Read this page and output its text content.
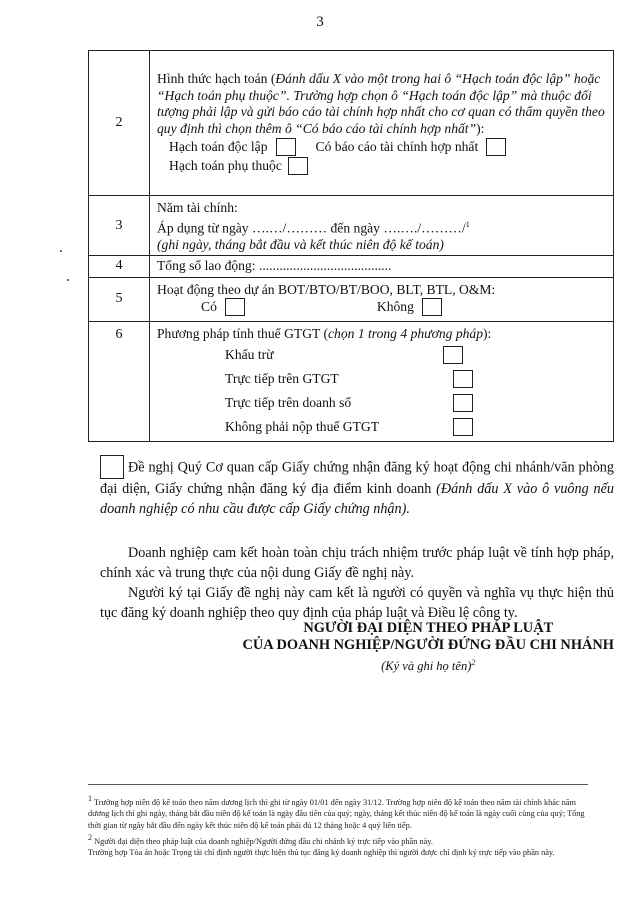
3
2	Hình thức hạch toán (Đánh dấu X vào một trong hai ô “Hạch toán độc lập” hoặc “Hạch toán phụ thuộc”. Trường hợp chọn ô “Hạch toán độc lập” mà thuộc đối tượng phải lập và gửi báo cáo tài chính hợp nhất cho cơ quan có thẩm quyền theo quy định thì chọn thêm ô “Có báo cáo tài chính hợp nhất”):
Hạch toán độc lập Có báo cáo tài chính hợp nhất
Hạch toán phụ thuộc

3	Năm tài chính:
Áp dụng từ ngày ….…/……… đến ngày ….…./………/$^1$
(ghi ngày, tháng bắt đầu và kết thúc niên độ kế toán)

4	Tổng số lao động: .......................................
5	Hoạt động theo dự án BOT/BTO/BT/BOO, BLT, BTL, O&M:
Có Không

6	Phương pháp tính thuế GTGT (chọn 1 trong 4 phương pháp):
Khấu trừ
Trực tiếp trên GTGT
Trực tiếp trên doanh số
Không phải nộp thuế GTGT
Đề nghị Quý Cơ quan cấp Giấy chứng nhận đăng ký hoạt động chi nhánh/văn phòng đại diện, Giấy chứng nhận đăng ký địa điểm kinh doanh (Đánh dấu X vào ô vuông nếu doanh nghiệp có nhu cầu được cấp Giấy chứng nhận).
Doanh nghiệp cam kết hoàn toàn chịu trách nhiệm trước pháp luật về tính hợp pháp, chính xác và trung thực của nội dung Giấy đề nghị này.
Người ký tại Giấy đề nghị này cam kết là người có quyền và nghĩa vụ thực hiện thủ tục đăng ký doanh nghiệp theo quy định của pháp luật và Điều lệ công ty.
NGƯỜI ĐẠI DIỆN THEO PHÁP LUẬT
CỦA DOANH NGHIỆP/NGƯỜI ĐỨNG ĐẦU CHI NHÁNH
(Ký và ghi họ tên)$^2$
$^1$ Trường hợp niên độ kế toán theo năm dương lịch thì ghi từ ngày 01/01 đến ngày 31/12. Trường hợp niên độ kế toán theo năm tài chính khác năm dương lịch thì ghi ngày, tháng bắt đầu niên độ kế toán là ngày đầu tiên của quý; ngày, tháng kết thúc niên độ kế toán là ngày cuối cùng của quý; Tổng thời gian từ ngày bắt đầu đến ngày kết thúc niên độ kế toán phải đủ 12 tháng hoặc 4 quý liên tiếp.
$^2$ Người đại diện theo pháp luật của doanh nghiệp/Người đứng đầu chi nhánh ký trực tiếp vào phần này.
Trường hợp Tòa án hoặc Trọng tài chỉ định người thực hiện thủ tục đăng ký doanh nghiệp thì người được chỉ định ký trực tiếp vào phần này.
